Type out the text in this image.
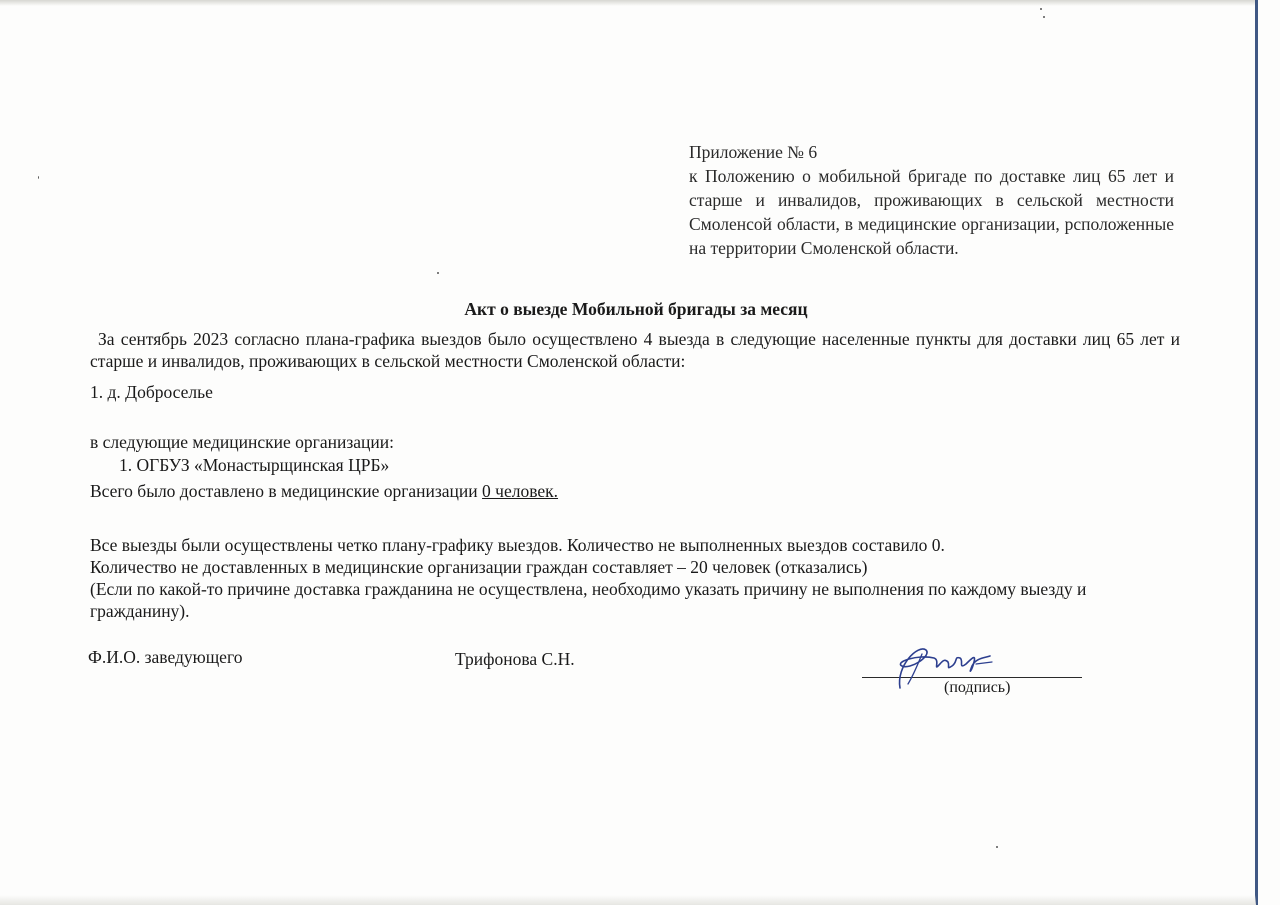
Приложение № 6
к Положению о мобильной бригаде по доставке лиц 65 лет и старше и инвалидов, проживающих в сельской местности Смоленсой области, в медицинские организации, рсположенные на территории Смоленской области.
Акт о выезде Мобильной бригады за месяц
За сентябрь 2023 согласно плана-графика выездов было осуществлено 4 выезда в следующие населенные пункты для доставки лиц 65 лет и старше и инвалидов, проживающих в сельской местности Смоленской области:
1. д. Добросельe
в следующие медицинские организации:
1. ОГБУЗ «Монастырщинская ЦРБ»
Всего было доставлено в медицинские организации 0 человек.
Все выезды были осуществлены четко плану-графику выездов. Количество не выполненных выездов составило 0.
Количество не доставленных в медицинские организации граждан составляет – 20 человек (отказались)
(Если по какой-то причине доставка гражданина не осуществлена, необходимо указать причину не выполнения по каждому выезду и гражданину).
Ф.И.О. заведующего	Трифонова С.Н.
(подпись)
